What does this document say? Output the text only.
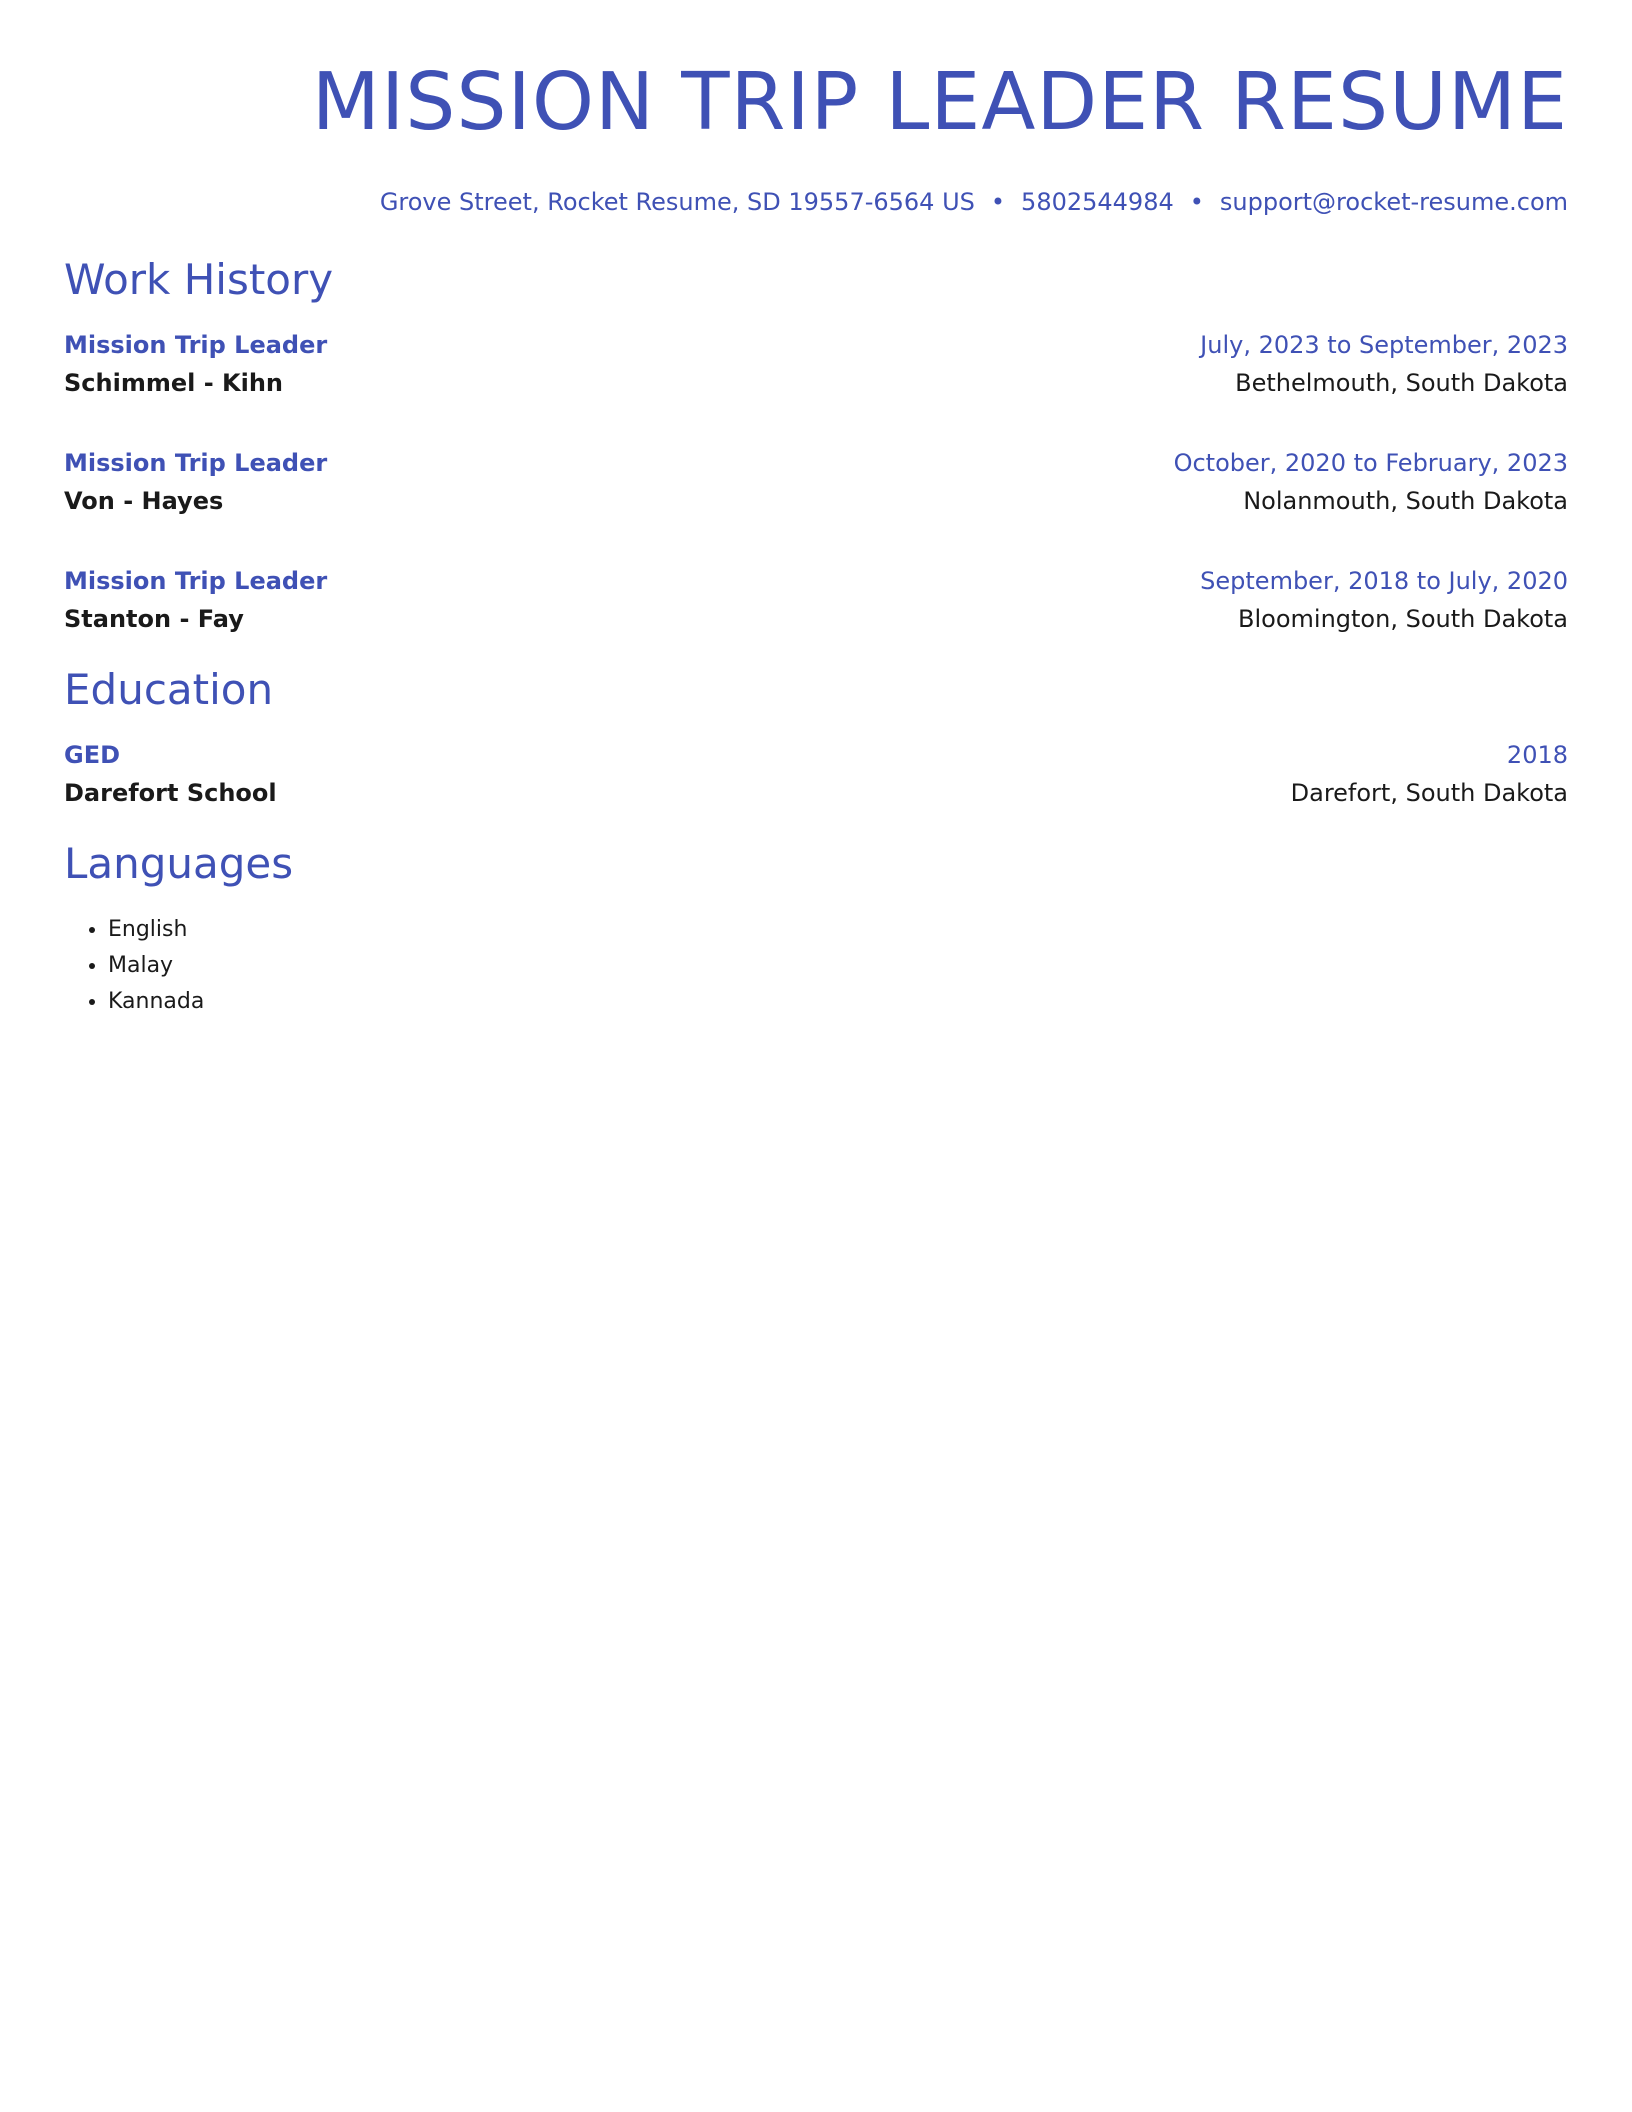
MISSION TRIP LEADER RESUME
Grove Street, Rocket Resume, SD 19557-6564 US • 5802544984 • support@rocket-resume.com
Work History
Mission Trip Leader	July, 2023 to September, 2023
Schimmel - Kihn	Bethelmouth, South Dakota
Mission Trip Leader	October, 2020 to February, 2023
Von - Hayes	Nolanmouth, South Dakota
Mission Trip Leader	September, 2018 to July, 2020
Stanton - Fay	Bloomington, South Dakota
Education
GED	2018
Darefort School	Darefort, South Dakota
Languages
• English
• Malay
• Kannada
